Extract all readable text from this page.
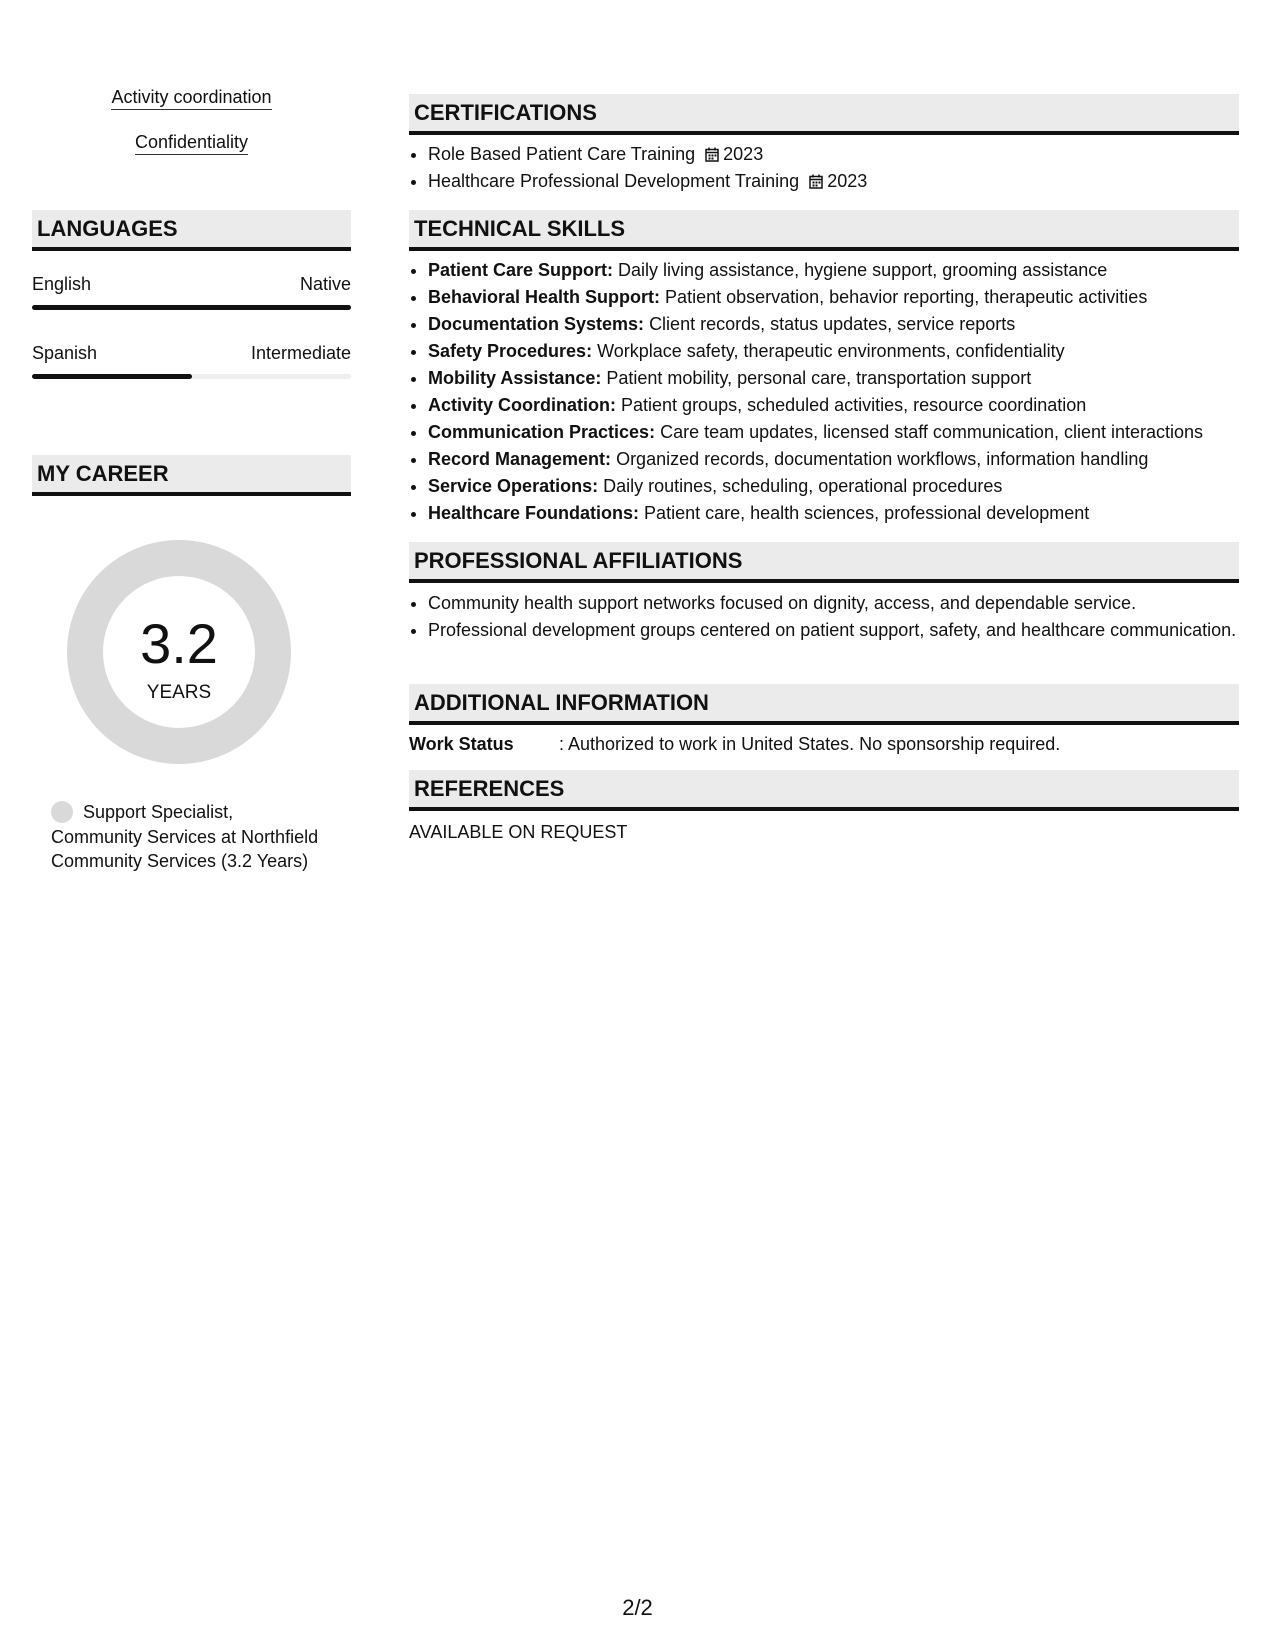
Activity coordination
Confidentiality
LANGUAGES
English	Native
Spanish	Intermediate
MY CAREER
3.2
YEARS
Support Specialist, Community Services at Northfield Community Services (3.2 Years)
CERTIFICATIONS
• Role Based Patient Care Training 2023
• Healthcare Professional Development Training 2023
TECHNICAL SKILLS
• Patient Care Support: Daily living assistance, hygiene support, grooming assistance
• Behavioral Health Support: Patient observation, behavior reporting, therapeutic activities
• Documentation Systems: Client records, status updates, service reports
• Safety Procedures: Workplace safety, therapeutic environments, confidentiality
• Mobility Assistance: Patient mobility, personal care, transportation support
• Activity Coordination: Patient groups, scheduled activities, resource coordination
• Communication Practices: Care team updates, licensed staff communication, client interactions
• Record Management: Organized records, documentation workflows, information handling
• Service Operations: Daily routines, scheduling, operational procedures
• Healthcare Foundations: Patient care, health sciences, professional development
PROFESSIONAL AFFILIATIONS
• Community health support networks focused on dignity, access, and dependable service.
• Professional development groups centered on patient support, safety, and healthcare communication.
ADDITIONAL INFORMATION
Work Status	: Authorized to work in United States. No sponsorship required.
REFERENCES
AVAILABLE ON REQUEST
2/2
